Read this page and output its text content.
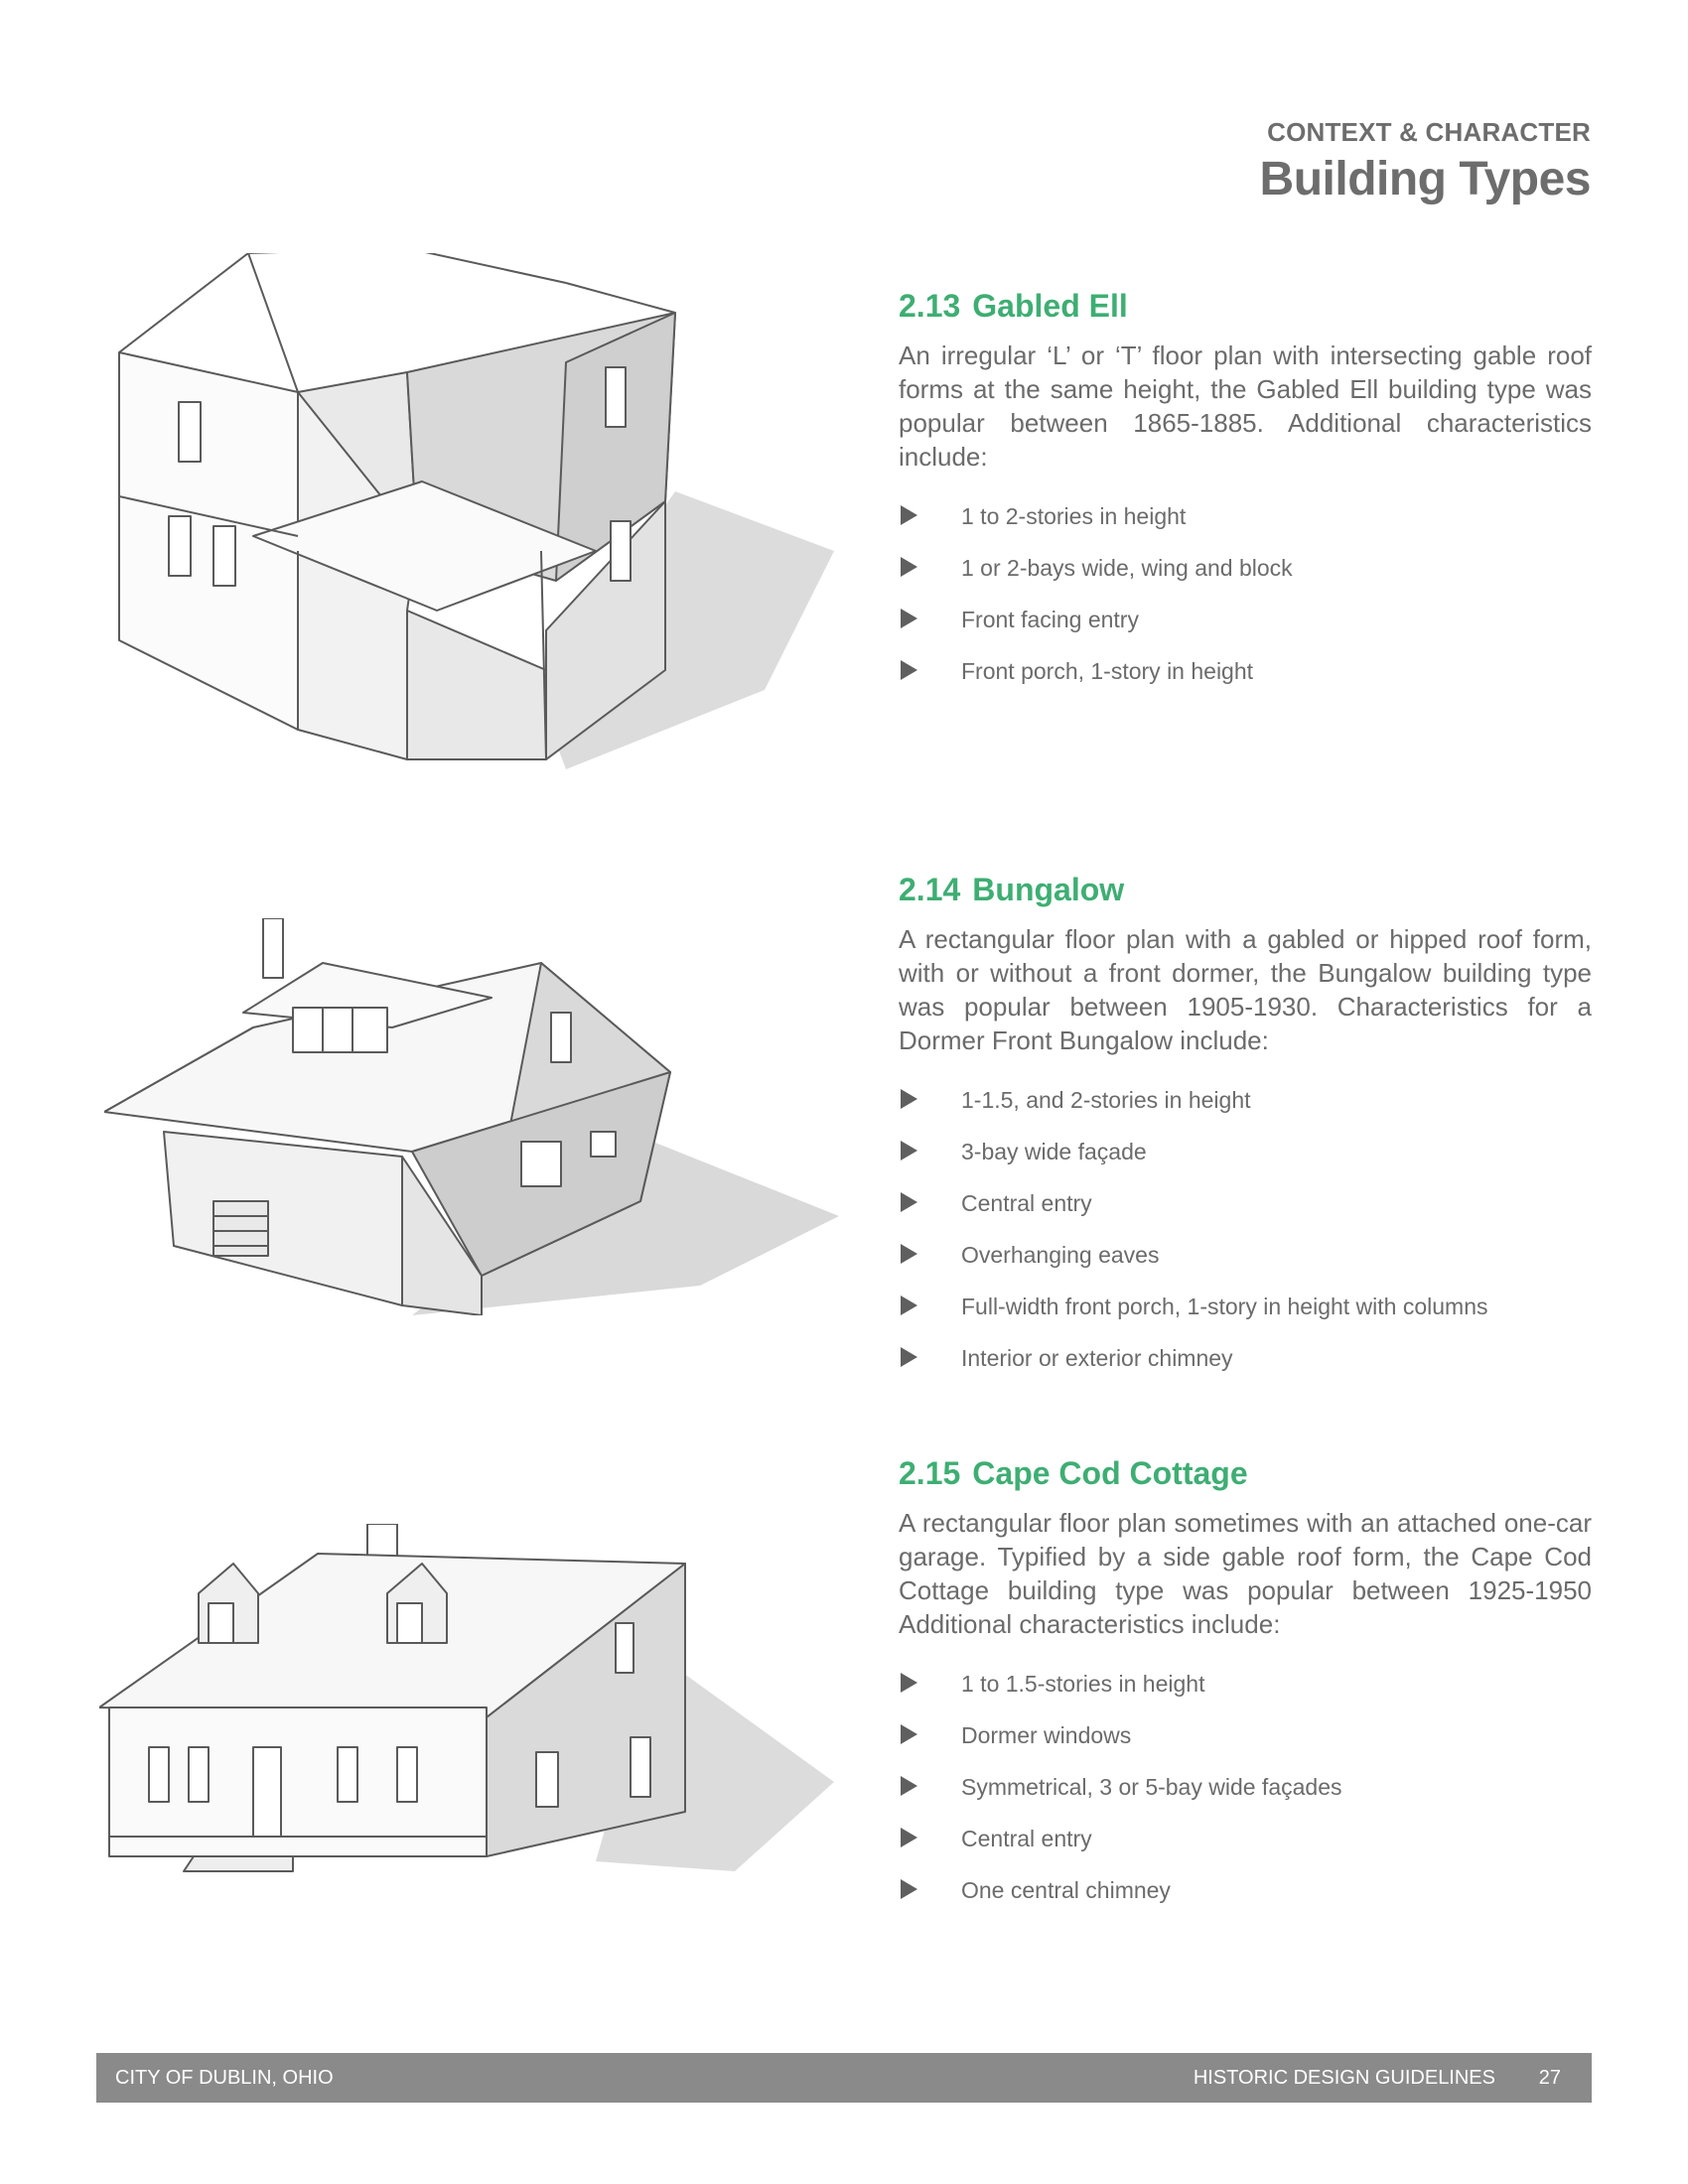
CONTEXT & CHARACTER
Building Types
2.13 Gabled Ell

An irregular ‘L’ or ‘T’ floor plan with intersecting gable roof forms at the same height, the Gabled Ell building type was popular between 1865-1885. Additional characteristics include:

1 to 2-stories in height
1 or 2-bays wide, wing and block
Front facing entry
Front porch, 1-story in height
2.14 Bungalow

A rectangular floor plan with a gabled or hipped roof form, with or without a front dormer, the Bungalow building type was popular between 1905-1930. Characteristics for a Dormer Front Bungalow include:

1-1.5, and 2-stories in height
3-bay wide façade
Central entry
Overhanging eaves
Full-width front porch, 1-story in height with columns
Interior or exterior chimney
2.15 Cape Cod Cottage

A rectangular floor plan sometimes with an attached one-car garage. Typified by a side gable roof form, the Cape Cod Cottage building type was popular between 1925-1950 Additional characteristics include:

1 to 1.5-stories in height
Dormer windows
Symmetrical, 3 or 5-bay wide façades
Central entry
One central chimney
CITY OF DUBLIN, OHIO	HISTORIC DESIGN GUIDELINES 27
